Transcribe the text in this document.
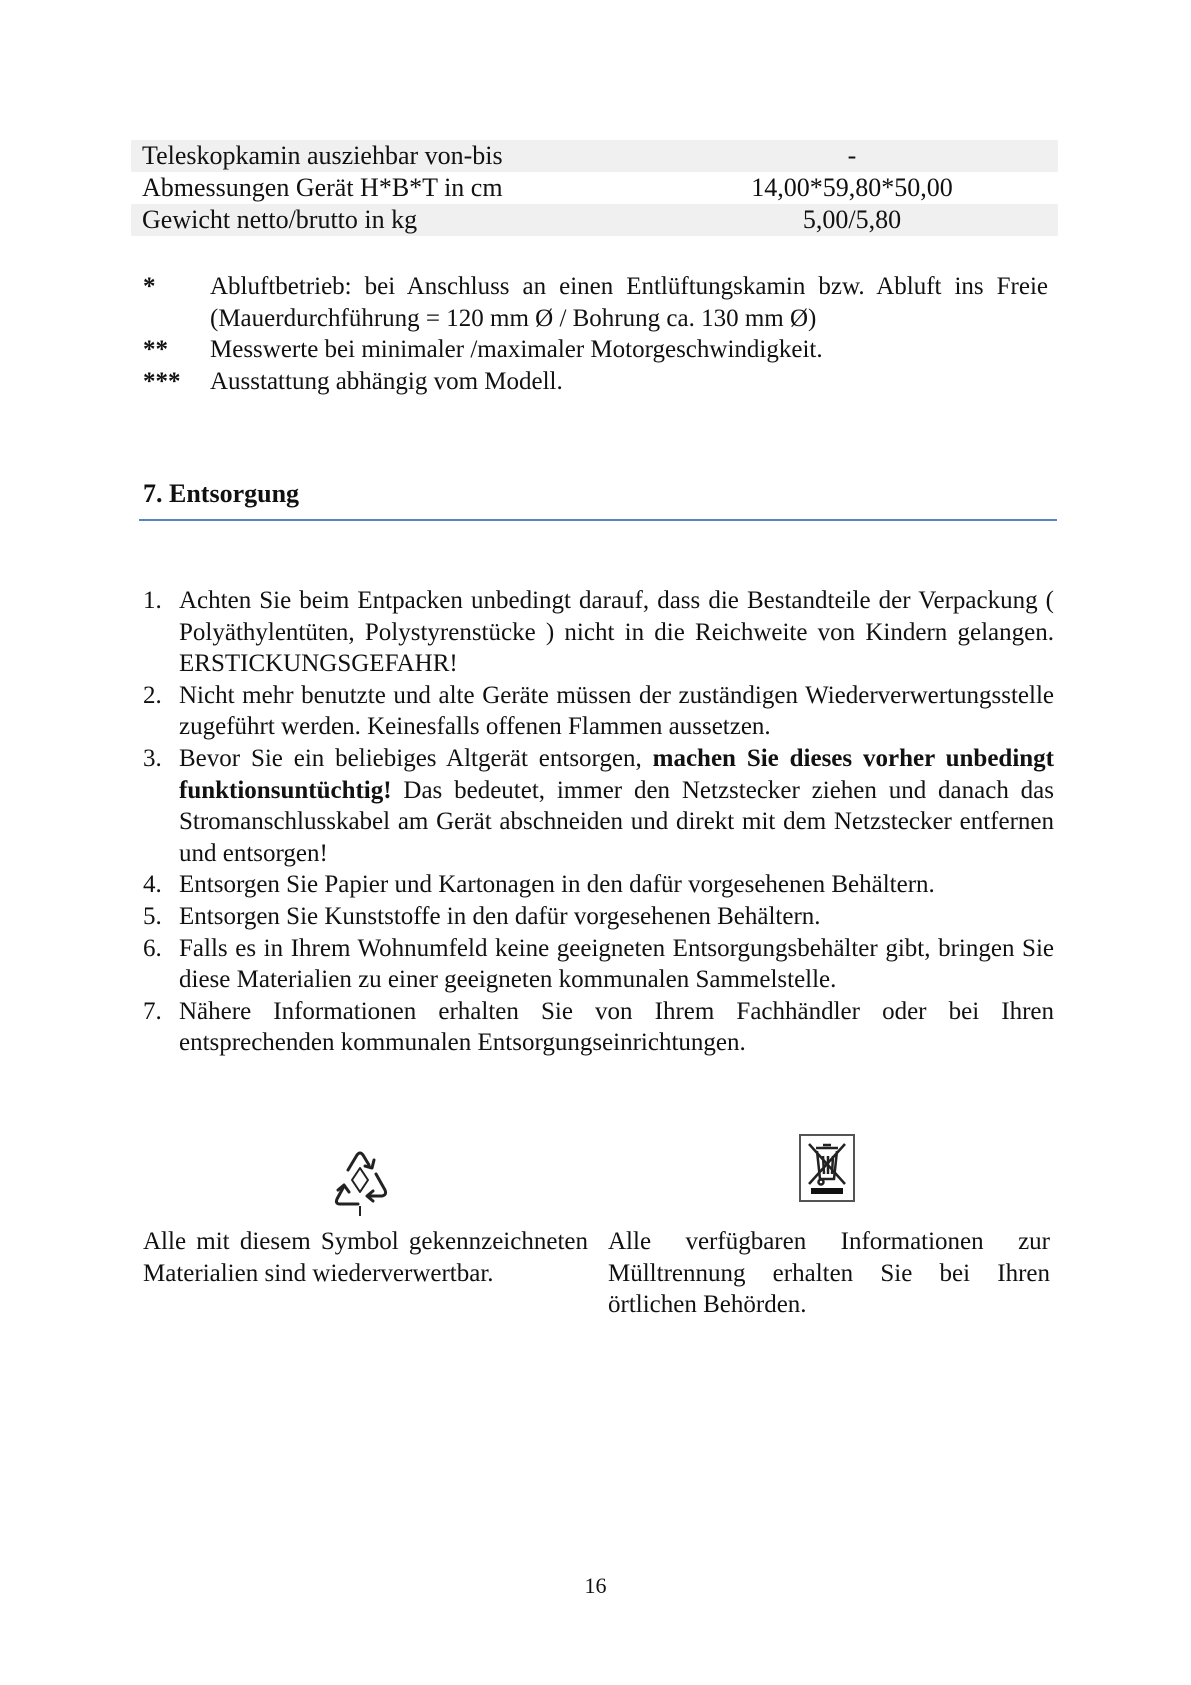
Teleskopkamin ausziehbar von-bis	-
Abmessungen Gerät H*B*T in cm	14,00*59,80*50,00
Gewicht netto/brutto in kg	5,00/5,80
*	Abluftbetrieb: bei Anschluss an einen Entlüftungskamin bzw. Abluft ins Freie (Mauerdurchführung = 120 mm Ø / Bohrung ca. 130 mm Ø)
**	Messwerte bei minimaler /maximaler Motorgeschwindigkeit.
***	Ausstattung abhängig vom Modell.
7. Entsorgung
1. Achten Sie beim Entpacken unbedingt darauf, dass die Bestandteile der Verpackung ( Polyäthylentüten, Polystyrenstücke ) nicht in die Reichweite von Kindern gelangen. ERSTICKUNGSGEFAHR!
2. Nicht mehr benutzte und alte Geräte müssen der zuständigen Wiederverwertungsstelle zugeführt werden. Keinesfalls offenen Flammen aussetzen.
3. Bevor Sie ein beliebiges Altgerät entsorgen, machen Sie dieses vorher unbedingt funktionsuntüchtig! Das bedeutet, immer den Netzstecker ziehen und danach das Stromanschlusskabel am Gerät abschneiden und direkt mit dem Netzstecker entfernen und entsorgen!
4. Entsorgen Sie Papier und Kartonagen in den dafür vorgesehenen Behältern.
5. Entsorgen Sie Kunststoffe in den dafür vorgesehenen Behältern.
6. Falls es in Ihrem Wohnumfeld keine geeigneten Entsorgungsbehälter gibt, bringen Sie diese Materialien zu einer geeigneten kommunalen Sammelstelle.
7. Nähere Informationen erhalten Sie von Ihrem Fachhändler oder bei Ihren entsprechenden kommunalen Entsorgungseinrichtungen.
Alle mit diesem Symbol gekennzeichneten Materialien sind wiederverwertbar.
Alle verfügbaren Informationen zur Mülltrennung erhalten Sie bei Ihren örtlichen Behörden.
16
